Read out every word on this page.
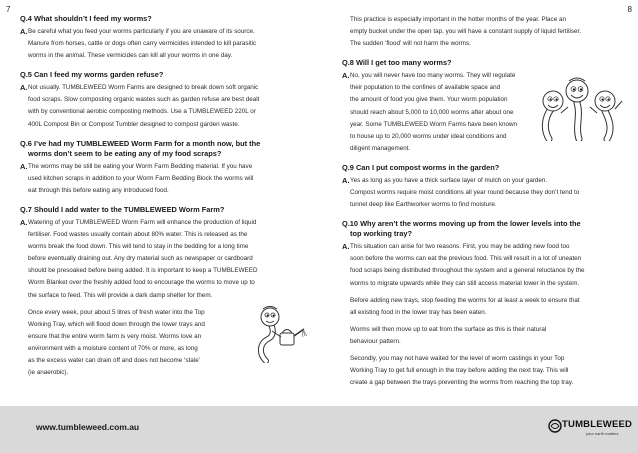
7	8

Q.4 What shouldn’t I feed my worms?

A. Be careful what you feed your worms particularly if you are unaware of its source.

Manure from horses, cattle or dogs often carry vermicides intended to kill parasitic

worms in the animal. These vermicides can kill all your worms in one day.

Q.5 Can I feed my worms garden refuse?

A. Not usually. TUMBLEWEED Worm Farms are designed to break down soft organic

food scraps. Slow composting organic wastes such as garden refuse are best dealt

with by conventional aerobic composting methods. Use a TUMBLEWEED 220L or

400L Compost Bin or Compost Tumbler designed to compost garden waste.

Q.6 I’ve had my TUMBLEWEED Worm Farm for a month now, but the

worms don’t seem to be eating any of my food scraps?

A. The worms may be still be eating your Worm Farm Bedding material. If you have

used kitchen scraps in addition to your Worm Farm Bedding Block the worms will

eat through this before eating any introduced food.

Q.7 Should I add water to the TUMBLEWEED Worm Farm?

A. Watering of your TUMBLEWEED Worm Farm will enhance the production of liquid

fertiliser. Food wastes usually contain about 80% water. This is released as the

worms break the food down. This will tend to stay in the bedding for a long time

before eventually draining out. Any dry material such as newspaper or cardboard

should be presoaked before being added. It is important to keep a TUMBLEWEED

Worm Blanket over the freshly added food to encourage the worms to move up to

the surface to feed. This will provide a dark damp shelter for them.

Once every week, pour about 5 litres of fresh water into the Top

Working Tray, which will flood down through the lower trays and

ensure that the entire worm farm is very moist. Worms love an

environment with a moisture content of 70% or more, as long

as the excess water can drain off and does not become ‘stale’

(ie anaerobic).

This practice is especially important in the hotter months of the year. Place an

empty bucket under the open tap, you will have a constant supply of liquid fertiliser.

The sudden ‘flood’ will not harm the worms.

Q.8 Will I get too many worms?

A. No, you will never have too many worms. They will regulate

their population to the confines of available space and

the amount of food you give them. Your worm population

should reach about 5,000 to 10,000 worms after about one

year. Some TUMBLEWEED Worm Farms have been known

to house up to 20,000 worms under ideal conditions and

diligent management.

Q.9 Can I put compost worms in the garden?

A. Yes as long as you have a thick surface layer of mulch on your garden.

Compost worms require moist conditions all year round because they don’t tend to

tunnel deep like Earthworker worms to find moisture.

Q.10 Why aren’t the worms moving up from the lower levels into the

top working tray?

A. This situation can arise for two reasons. First, you may be adding new food too

soon before the worms can eat the previous food. This will result in a lot of uneaten

food scraps being distributed throughout the system and a general reluctance by the

worms to migrate upwards while they can still access material lower in the system.

Before adding new trays, stop feeding the worms for at least a week to ensure that

all existing food in the lower tray has been eaten.

Worms will then move up to eat from the surface as this is their natural

behaviour pattern.

Secondly, you may not have waited for the level of worm castings in your Top

Working Tray to get full enough in the tray before adding the next tray. This will

create a gap between the trays preventing the worms from reaching the top tray.

www.tumbleweed.com.au	TUMBLEWEED
your earth matters
